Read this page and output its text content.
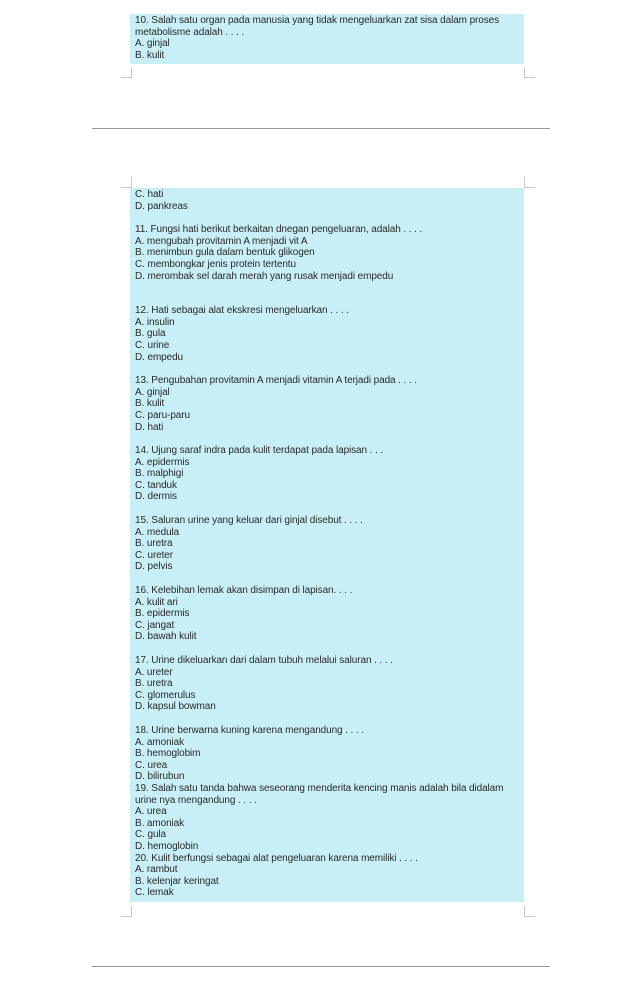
10. Salah satu organ pada manusia yang tidak mengeluarkan zat sisa dalam proses
metabolisme adalah . . . .
A. ginjal
B. kulit
C. hati
D. pankreas
11. Fungsi hati berikut berkaitan dnegan pengeluaran, adalah . . . .
A. mengubah provitamin A menjadi vit A
B. menimbun gula dalam bentuk glikogen
C. membongkar jenis protein tertentu
D. merombak sel darah merah yang rusak menjadi empedu
12. Hati sebagai alat ekskresi mengeluarkan . . . .
A. insulin
B. gula
C. urine
D. empedu
13. Pengubahan provitamin A menjadi vitamin A terjadi pada . . . .
A. ginjal
B. kulit
C. paru-paru
D. hati
14. Ujung saraf indra pada kulit terdapat pada lapisan . . .
A. epidermis
B. malphigi
C. tanduk
D. dermis
15. Saluran urine yang keluar dari ginjal disebut . . . .
A. medula
B. uretra
C. ureter
D. pelvis
16. Kelebihan lemak akan disimpan di lapisan. . . .
A. kulit ari
B. epidermis
C. jangat
D. bawah kulit
17. Urine dikeluarkan dari dalam tubuh melalui saluran . . . .
A. ureter
B. uretra
C. glomerulus
D. kapsul bowman
18. Urine berwarna kuning karena mengandung . . . .
A. amoniak
B. hemoglobim
C. urea
D. bilirubun
19. Salah satu tanda bahwa seseorang menderita kencing manis adalah bila didalam
urine nya mengandung . . . .
A. urea
B. amoniak
C. gula
D. hemoglobin
20. Kulit berfungsi sebagai alat pengeluaran karena memiliki . . . .
A. rambut
B. kelenjar keringat
C. lemak
